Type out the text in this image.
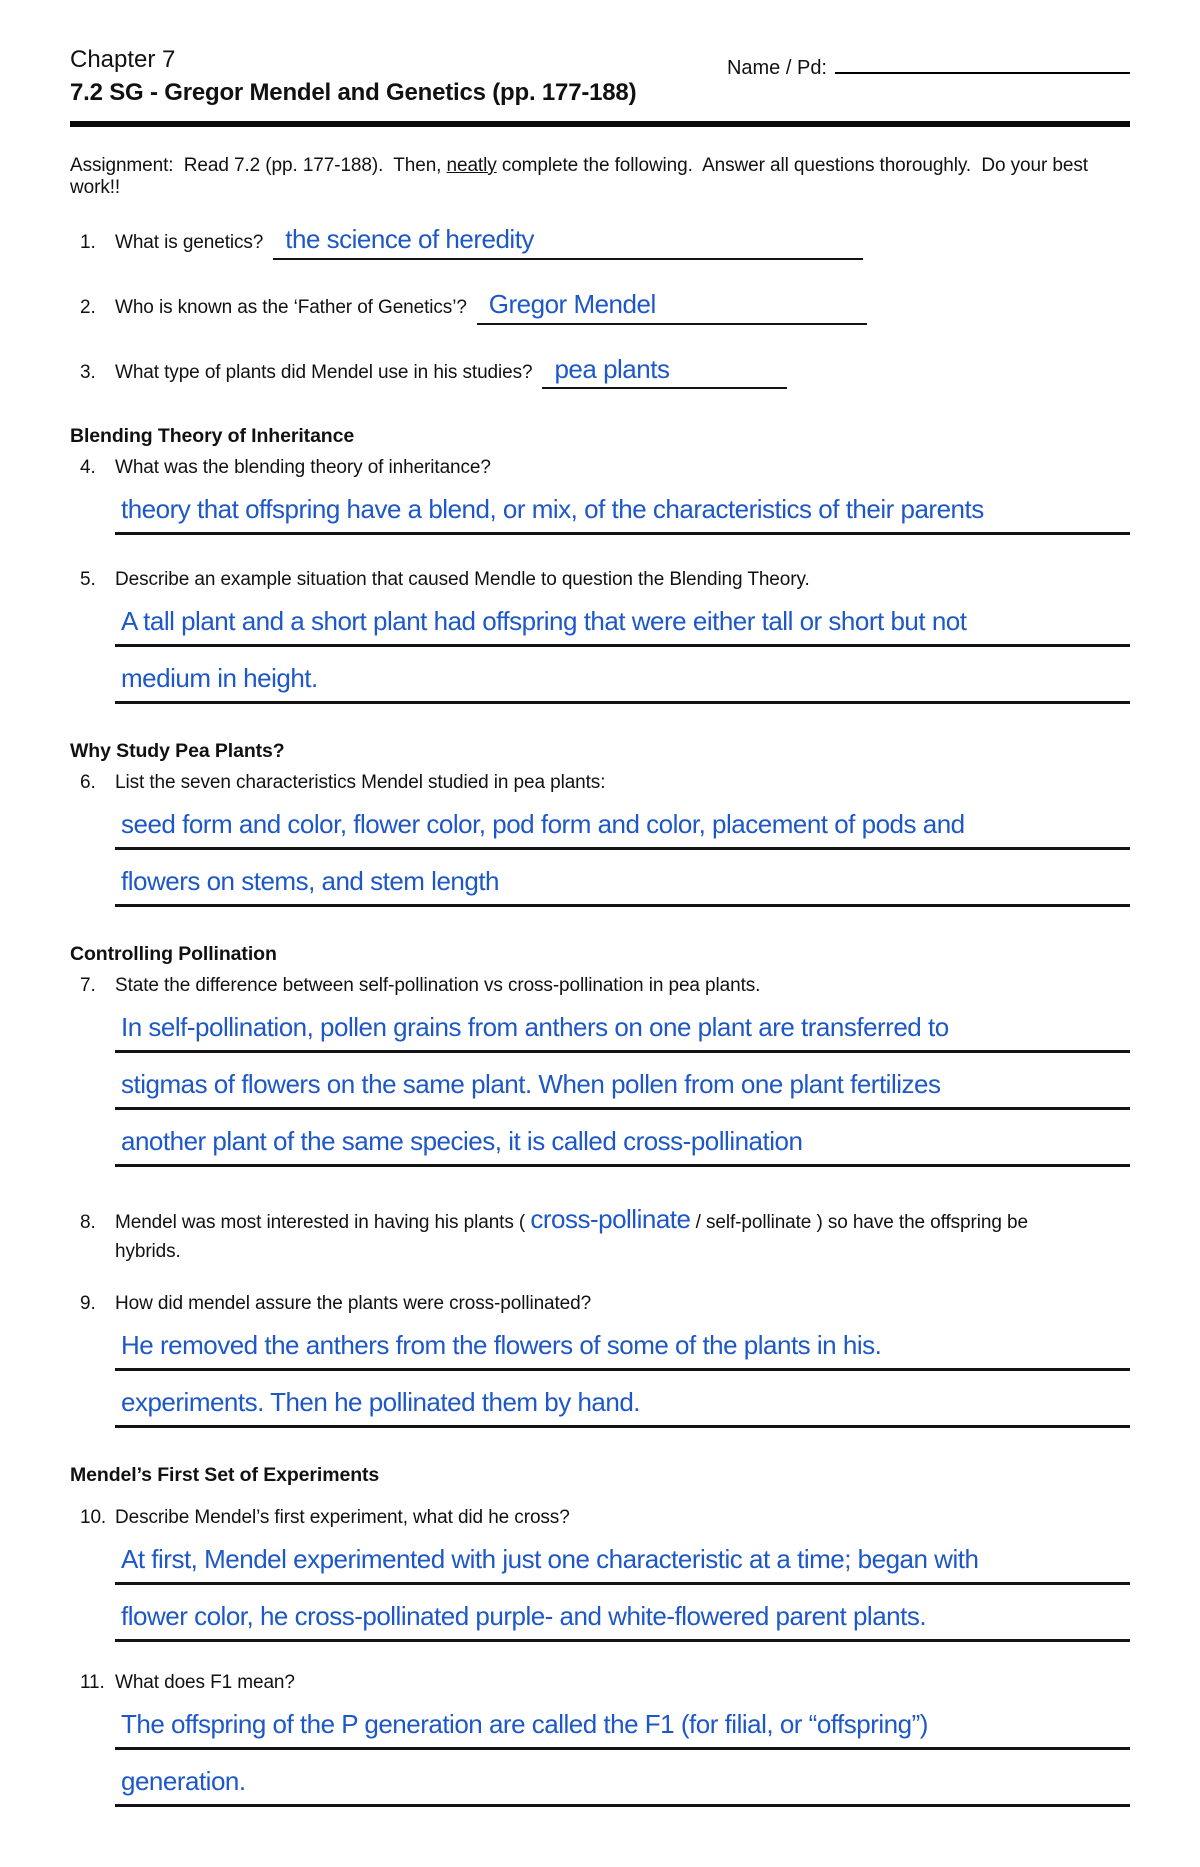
Chapter 7
7.2 SG - Gregor Mendel and Genetics (pp. 177-188)
Name / Pd:

Assignment:  Read 7.2 (pp. 177-188).  Then, neatly complete the following.  Answer all questions thoroughly.  Do your best work!!

1.	What is genetics? the science of heredity
2.	Who is known as the ‘Father of Genetics’? Gregor Mendel
3.	What type of plants did Mendel use in his studies? pea plants
Blending Theory of Inheritance
4.	What was the blending theory of inheritance?
theory that offspring have a blend, or mix, of the characteristics of their parents
5.	Describe an example situation that caused Mendle to question the Blending Theory.
A tall plant and a short plant had offspring that were either tall or short but not
medium in height.
Why Study Pea Plants?
6.	List the seven characteristics Mendel studied in pea plants:
seed form and color, flower color, pod form and color, placement of pods and
flowers on stems, and stem length
Controlling Pollination
7.	State the difference between self-pollination vs cross-pollination in pea plants.
In self-pollination, pollen grains from anthers on one plant are transferred to
stigmas of flowers on the same plant. When pollen from one plant fertilizes
another plant of the same species, it is called cross-pollination
8.	Mendel was most interested in having his plants ( cross-pollinate / self-pollinate ) so have the offspring be
hybrids.
9.	How did mendel assure the plants were cross-pollinated?
He removed the anthers from the flowers of some of the plants in his.
experiments. Then he pollinated them by hand.
Mendel’s First Set of Experiments
10. Describe Mendel’s first experiment, what did he cross?
At first, Mendel experimented with just one characteristic at a time; began with
flower color, he cross-pollinated purple- and white-flowered parent plants.
11. What does F1 mean?
The offspring of the P generation are called the F1 (for filial, or “offspring”)
generation.
